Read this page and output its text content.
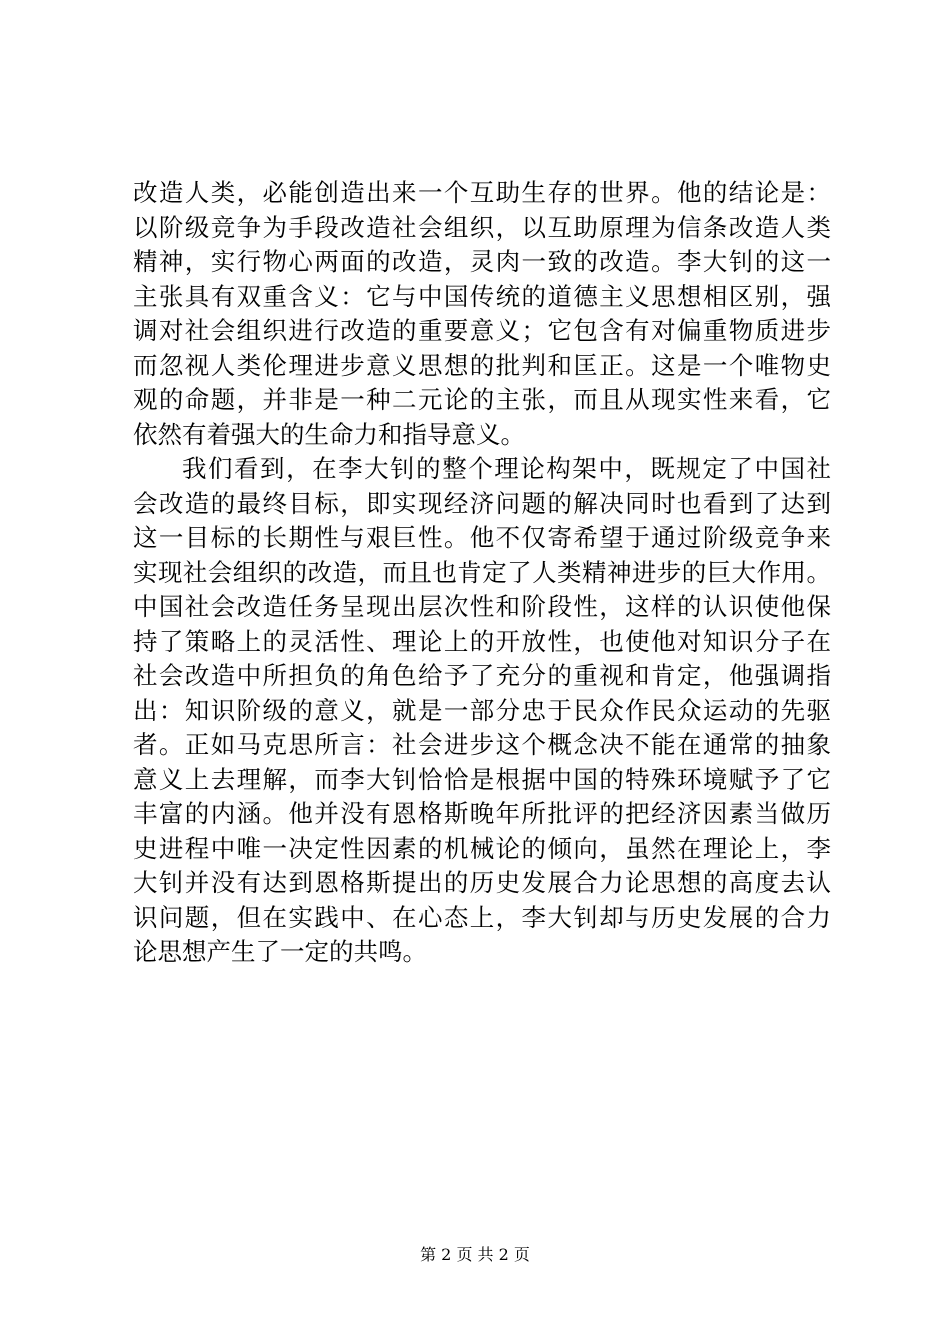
改造人类，必能创造出来一个互助生存的世界。他的结论是：
以阶级竞争为手段改造社会组织，以互助原理为信条改造人类
精神，实行物心两面的改造，灵肉一致的改造。李大钊的这一
主张具有双重含义：它与中国传统的道德主义思想相区别，强
调对社会组织进行改造的重要意义；它包含有对偏重物质进步
而忽视人类伦理进步意义思想的批判和匡正。这是一个唯物史
观的命题，并非是一种二元论的主张，而且从现实性来看，它
依然有着强大的生命力和指导意义。
我们看到，在李大钊的整个理论构架中，既规定了中国社
会改造的最终目标，即实现经济问题的解决同时也看到了达到
这一目标的长期性与艰巨性。他不仅寄希望于通过阶级竞争来
实现社会组织的改造，而且也肯定了人类精神进步的巨大作用。
中国社会改造任务呈现出层次性和阶段性，这样的认识使他保
持了策略上的灵活性、理论上的开放性，也使他对知识分子在
社会改造中所担负的角色给予了充分的重视和肯定，他强调指
出：知识阶级的意义，就是一部分忠于民众作民众运动的先驱
者。正如马克思所言：社会进步这个概念决不能在通常的抽象
意义上去理解，而李大钊恰恰是根据中国的特殊环境赋予了它
丰富的内涵。他并没有恩格斯晚年所批评的把经济因素当做历
史进程中唯一决定性因素的机械论的倾向，虽然在理论上，李
大钊并没有达到恩格斯提出的历史发展合力论思想的高度去认
识问题，但在实践中、在心态上，李大钊却与历史发展的合力
论思想产生了一定的共鸣。
第 2 页 共 2 页
